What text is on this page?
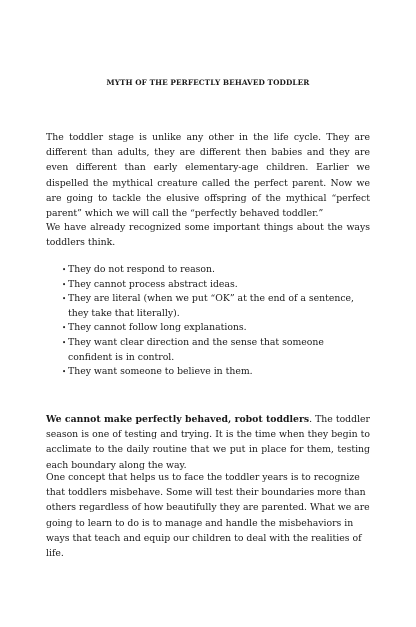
MYTH OF THE PERFECTLY BEHAVED TODDLER

The toddler stage is unlike any other in the life cycle. They are different than adults, they are different then babies and they are even different than early elementary-age children. Earlier we dispelled the mythical creature called the perfect parent. Now we are going to tackle the elusive offspring of the mythical “perfect parent” which we will call the “perfectly behaved toddler.”

We have already recognized some important things about the ways toddlers think.

• They do not respond to reason.
• They cannot process abstract ideas.
• They are literal (when we put “OK” at the end of a sentence, they take that literally).
• They cannot follow long explanations.
• They want clear direction and the sense that someone confident is in control.
• They want someone to believe in them.

We cannot make perfectly behaved, robot toddlers. The toddler season is one of testing and trying. It is the time when they begin to acclimate to the daily routine that we put in place for them, testing each boundary along the way.

One concept that helps us to face the toddler years is to recognize that toddlers misbehave. Some will test their boundaries more than others regardless of how beautifully they are parented. What we are going to learn to do is to manage and handle the misbehaviors in ways that teach and equip our children to deal with the realities of life.
